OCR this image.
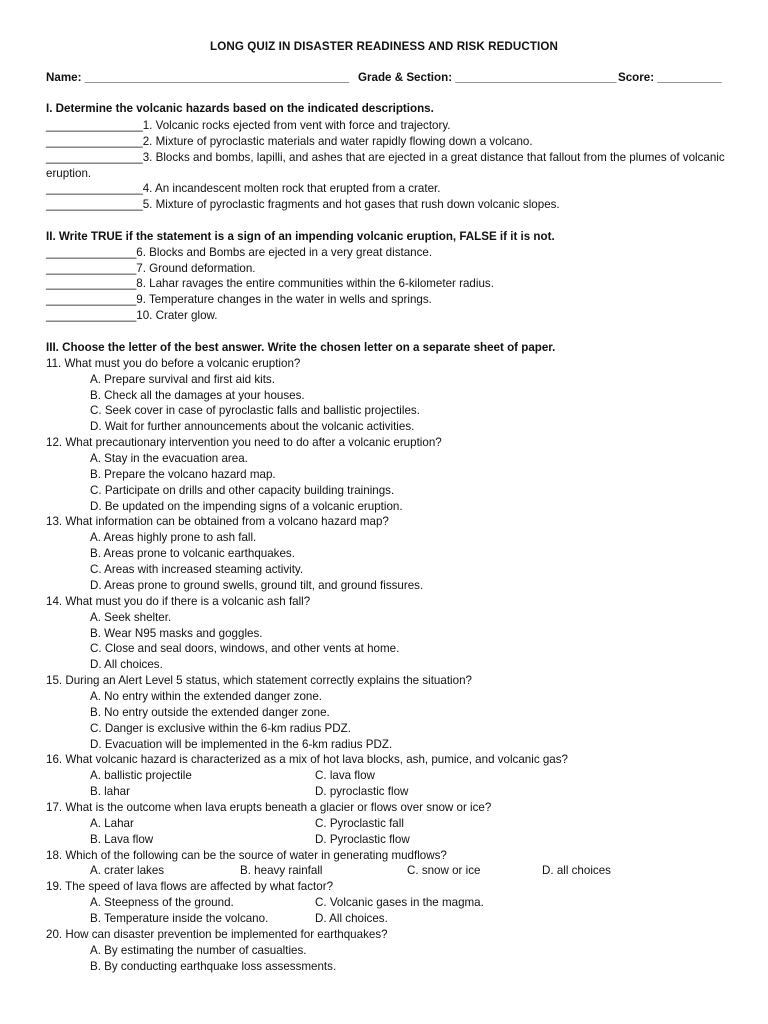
LONG QUIZ IN DISASTER READINESS AND RISK REDUCTION
Name: _________________________________________ Grade & Section: _________________________ Score: __________
I. Determine the volcanic hazards based on the indicated descriptions.
_______________1. Volcanic rocks ejected from vent with force and trajectory.
_______________2. Mixture of pyroclastic materials and water rapidly flowing down a volcano.
_______________3. Blocks and bombs, lapilli, and ashes that are ejected in a great distance that fallout from the plumes of volcanic eruption.
_______________4. An incandescent molten rock that erupted from a crater.
_______________5. Mixture of pyroclastic fragments and hot gases that rush down volcanic slopes.
II. Write TRUE if the statement is a sign of an impending volcanic eruption, FALSE if it is not.
______________6. Blocks and Bombs are ejected in a very great distance.
______________7. Ground deformation.
______________8. Lahar ravages the entire communities within the 6-kilometer radius.
______________9. Temperature changes in the water in wells and springs.
______________10. Crater glow.
III. Choose the letter of the best answer. Write the chosen letter on a separate sheet of paper.
11. What must you do before a volcanic eruption?
A. Prepare survival and first aid kits.
B. Check all the damages at your houses.
C. Seek cover in case of pyroclastic falls and ballistic projectiles.
D. Wait for further announcements about the volcanic activities.
12. What precautionary intervention you need to do after a volcanic eruption?
A. Stay in the evacuation area.
B. Prepare the volcano hazard map.
C. Participate on drills and other capacity building trainings.
D. Be updated on the impending signs of a volcanic eruption.
13. What information can be obtained from a volcano hazard map?
A. Areas highly prone to ash fall.
B. Areas prone to volcanic earthquakes.
C. Areas with increased steaming activity.
D. Areas prone to ground swells, ground tilt, and ground fissures.
14. What must you do if there is a volcanic ash fall?
A. Seek shelter.
B. Wear N95 masks and goggles.
C. Close and seal doors, windows, and other vents at home.
D. All choices.
15. During an Alert Level 5 status, which statement correctly explains the situation?
A. No entry within the extended danger zone.
B. No entry outside the extended danger zone.
C. Danger is exclusive within the 6-km radius PDZ.
D. Evacuation will be implemented in the 6-km radius PDZ.
16. What volcanic hazard is characterized as a mix of hot lava blocks, ash, pumice, and volcanic gas?
A. ballistic projectile	C. lava flow
B. lahar	D. pyroclastic flow
17. What is the outcome when lava erupts beneath a glacier or flows over snow or ice?
A. Lahar	C. Pyroclastic fall
B. Lava flow	D. Pyroclastic flow
18. Which of the following can be the source of water in generating mudflows?
A. crater lakes	B. heavy rainfall	C. snow or ice	D. all choices
19. The speed of lava flows are affected by what factor?
A. Steepness of the ground.	C. Volcanic gases in the magma.
B. Temperature inside the volcano.	D. All choices.
20. How can disaster prevention be implemented for earthquakes?
A. By estimating the number of casualties.
B. By conducting earthquake loss assessments.
